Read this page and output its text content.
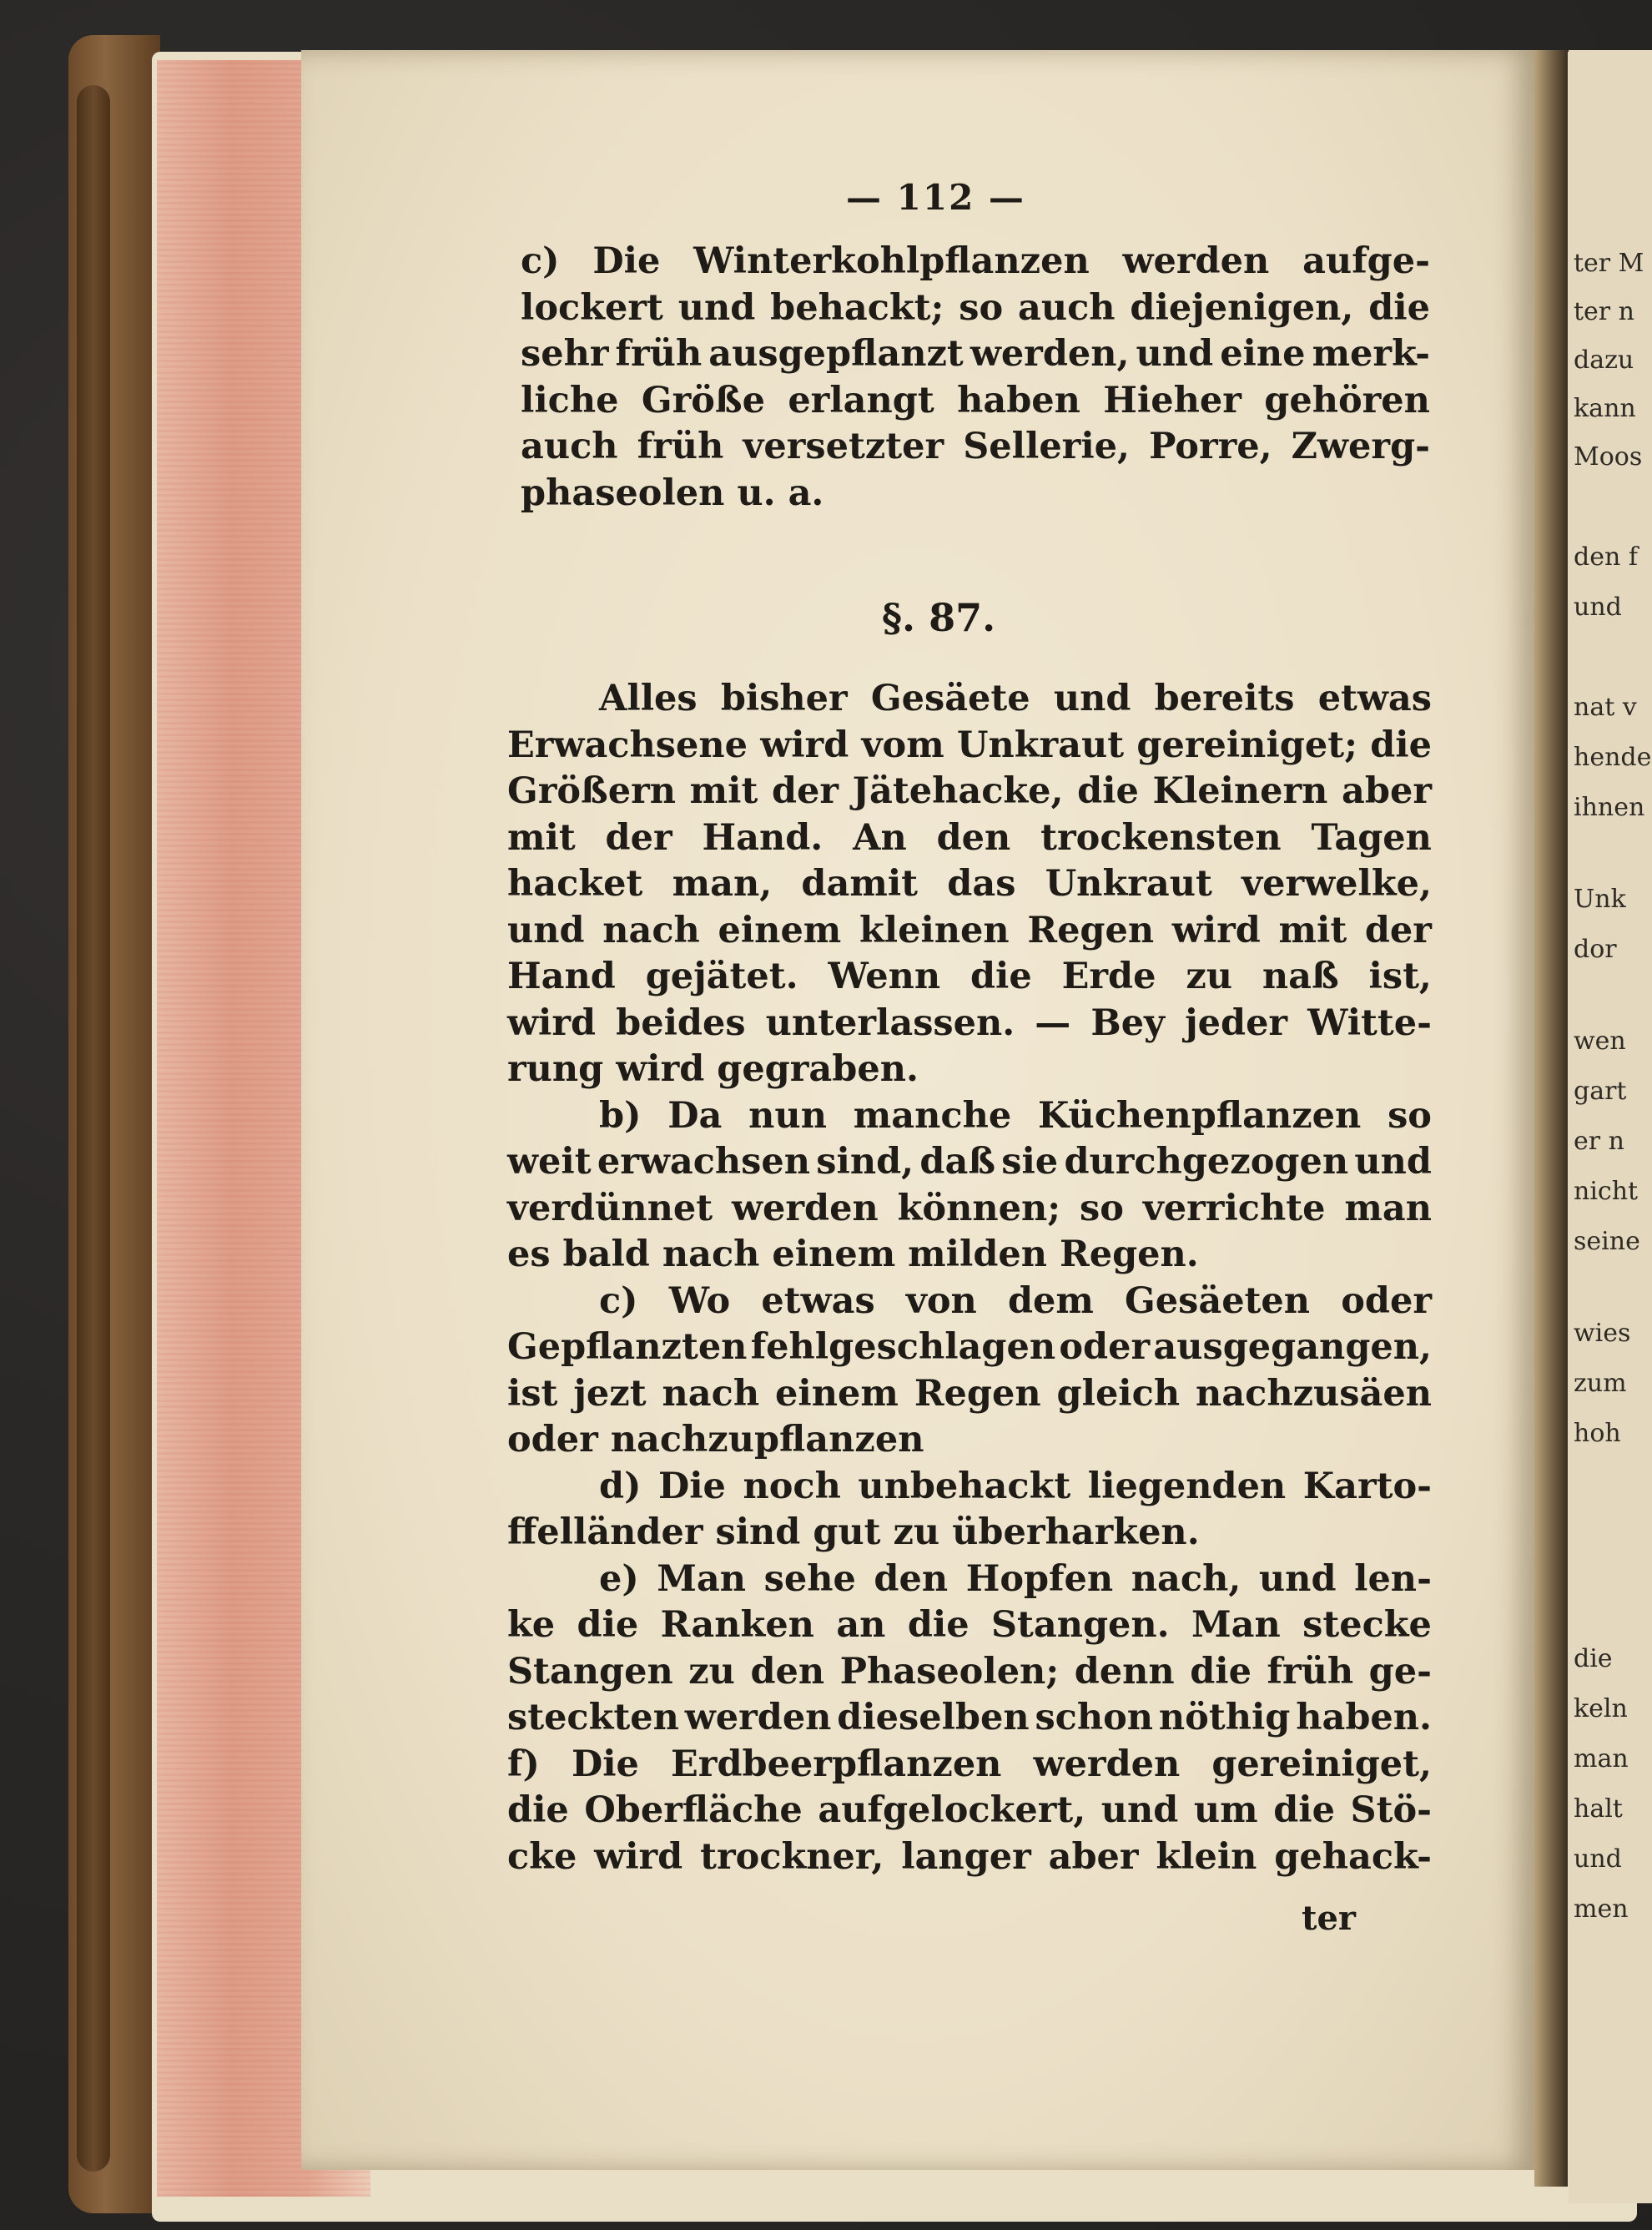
ter M
ter n
dazu
kann
Moos
den f
und
nat v
hende
ihnen
Unk
dor
wen
gart
er n
nicht
seine
wies
zum
hoh
die
keln
man
halt
und
men
— 112 —
c) Die Winterkohlpflanzen werden aufge-
lockert und behackt; so auch diejenigen, die
sehr früh ausgepflanzt werden, und eine merk-
liche Größe erlangt haben Hieher gehören
auch früh versetzter Sellerie, Porre, Zwerg-
phaseolen u. a.
§. 87.
Alles bisher Gesäete und bereits etwas
Erwachsene wird vom Unkraut gereiniget; die
Größern mit der Jätehacke, die Kleinern aber
mit der Hand. An den trockensten Tagen
hacket man, damit das Unkraut verwelke,
und nach einem kleinen Regen wird mit der
Hand gejätet. Wenn die Erde zu naß ist,
wird beides unterlassen. — Bey jeder Witte-
rung wird gegraben.
b) Da nun manche Küchenpflanzen so
weit erwachsen sind, daß sie durchgezogen und
verdünnet werden können; so verrichte man
es bald nach einem milden Regen.
c) Wo etwas von dem Gesäeten oder
Gepflanzten fehlgeschlagen oder ausgegangen,
ist jezt nach einem Regen gleich nachzusäen
oder nachzupflanzen
d) Die noch unbehackt liegenden Karto-
ffelländer sind gut zu überharken.
e) Man sehe den Hopfen nach, und len-
ke die Ranken an die Stangen. Man stecke
Stangen zu den Phaseolen; denn die früh ge-
steckten werden dieselben schon nöthig haben.
f) Die Erdbeerpflanzen werden gereiniget,
die Oberfläche aufgelockert, und um die Stö-
cke wird trockner, langer aber klein gehack-
ter
